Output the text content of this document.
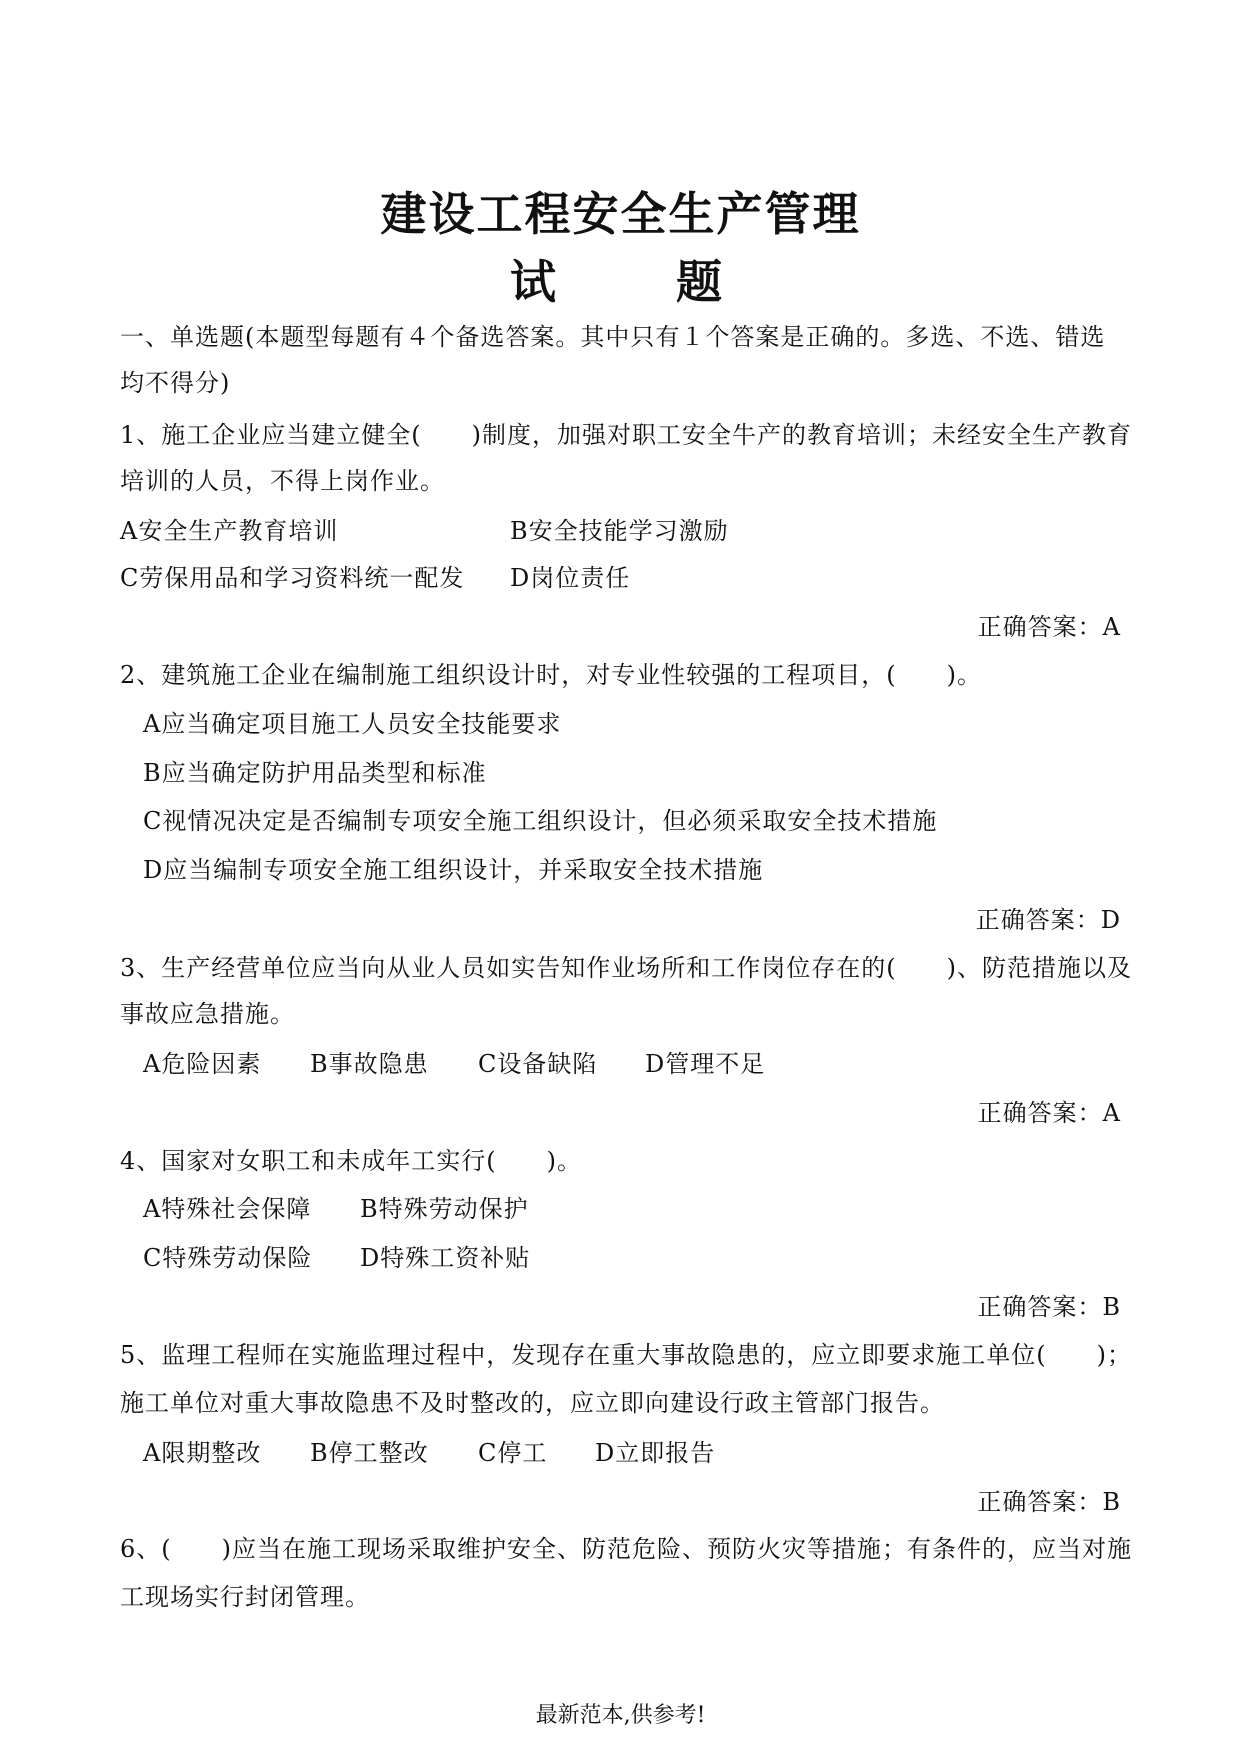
建设工程安全生产管理
试	题
一、单选题(本题型每题有４个备选答案。其中只有１个答案是正确的。多选、不选、错选
均不得分)
1、施工企业应当建立健全(　　)制度，加强对职工安全牛产的教育培训；未经安全生产教育
培训的人员，不得上岗作业。
A安全生产教育培训	B安全技能学习激励
C劳保用品和学习资料统一配发 D岗位责任
正确答案：A
2、建筑施工企业在编制施工组织设计时，对专业性较强的工程项目，(　　)。
A应当确定项目施工人员安全技能要求
B应当确定防护用品类型和标准
C视情况决定是否编制专项安全施工组织设计，但必须采取安全技术措施
D应当编制专项安全施工组织设计，并采取安全技术措施
正确答案：D
3、生产经营单位应当向从业人员如实告知作业场所和工作岗位存在的(　　)、防范措施以及
事故应急措施。
A危险因素 B事故隐患 C设备缺陷 D管理不足
正确答案：A
4、国家对女职工和未成年工实行(　　)。
A特殊社会保障 B特殊劳动保护
C特殊劳动保险 D特殊工资补贴
正确答案：B
5、监理工程师在实施监理过程中，发现存在重大事故隐患的，应立即要求施工单位(　　)；
施工单位对重大事故隐患不及时整改的，应立即向建设行政主管部门报告。
A限期整改 B停工整改 C停工 D立即报告
正确答案：B
6、(　　)应当在施工现场采取维护安全、防范危险、预防火灾等措施；有条件的，应当对施
工现场实行封闭管理。
最新范本,供参考!
